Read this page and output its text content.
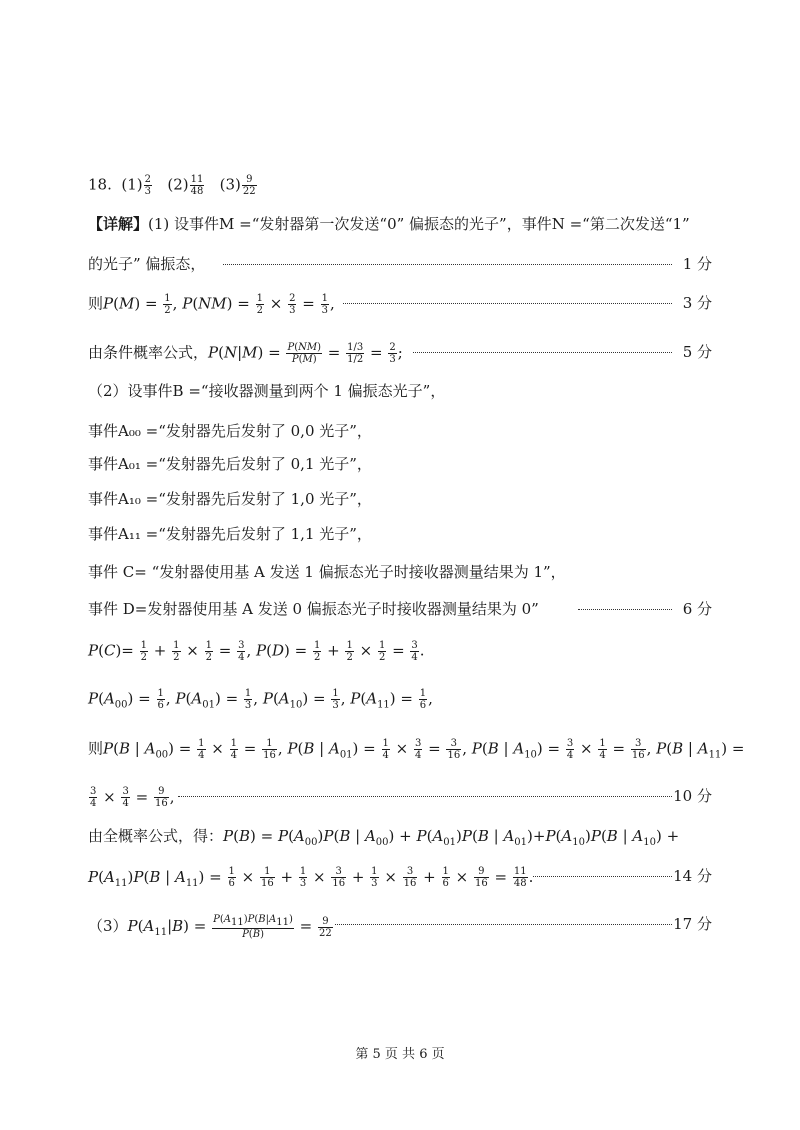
18. $(1) \frac{2}{3} (2) \frac{11}{48} (3) \frac{9}{22}$
【详解】(1) 设事件M =“发射器第一次发送“0” 偏振态的光子”，事件N =“第二次发送“1”
的光子” 偏振态，	1 分
则$P(M) = \frac{1}{2}$ , $P(NM) = \frac{1}{2} \times \frac{2}{3} = \frac{1}{3}$ ,	3 分
由条件概率公式，$P(N|M) = \frac{P(NM)}{P(M)} = \frac{1/3}{1/2} = \frac{2}{3}$ ;	5 分
（2）设事件B =“接收器测量到两个 1 偏振态光子”，
事件A₀₀ =“发射器先后发射了 0,0 光子”，
事件A₀₁ =“发射器先后发射了 0,1 光子”，
事件A₁₀ =“发射器先后发射了 1,0 光子”，
事件A₁₁ =“发射器先后发射了 1,1 光子”，
事件 C= “发射器使用基 A 发送 1 偏振态光子时接收器测量结果为 1”，
事件 D=发射器使用基 A 发送 0 偏振态光子时接收器测量结果为 0”	6 分
$P(C)= \frac{1}{2} + \frac{1}{2} \times \frac{1}{2} = \frac{3}{4}$ , $P(D) = \frac{1}{2} + \frac{1}{2} \times \frac{1}{2} = \frac{3}{4}$ .
$P(A_{00}) = \frac{1}{6}$ , $P(A_{01}) = \frac{1}{3}$ , $P(A_{10}) = \frac{1}{3}$ , $P(A_{11}) = \frac{1}{6}$ ,
则P(B | $A_{00}) = \frac{1}{4} \times \frac{1}{4} = \frac{1}{16}$ , P(B | $A_{01}) = \frac{1}{4} \times \frac{3}{4} = \frac{3}{16}$ , P(B | $A_{10}) = \frac{3}{4} \times \frac{1}{4} = \frac{3}{16}$ , P(B | $A_{11}$) =
$\frac{3}{4} \times \frac{3}{4} = \frac{9}{16}$ ,	10 分
由全概率公式，得：$P(B) = P(A_{00})P(B$ | $A_{00}) + P(A_{01})P(B$ | $A_{01})+P(A_{10})P(B$ | $A_{10}$) +
$P(A_{11})P(B$ | $A_{11}) = \frac{1}{6} \times \frac{1}{16} + \frac{1}{3} \times \frac{3}{16} + \frac{1}{3} \times \frac{3}{16} + \frac{1}{6} \times \frac{9}{16} = \frac{11}{48}$ .	14 分
$(3)P(A_{11}|B) = \frac{P(A_{11})P(B|A_{11})}{P(B)} = \frac{9}{22}$	17 分
第 5 页 共 6 页
